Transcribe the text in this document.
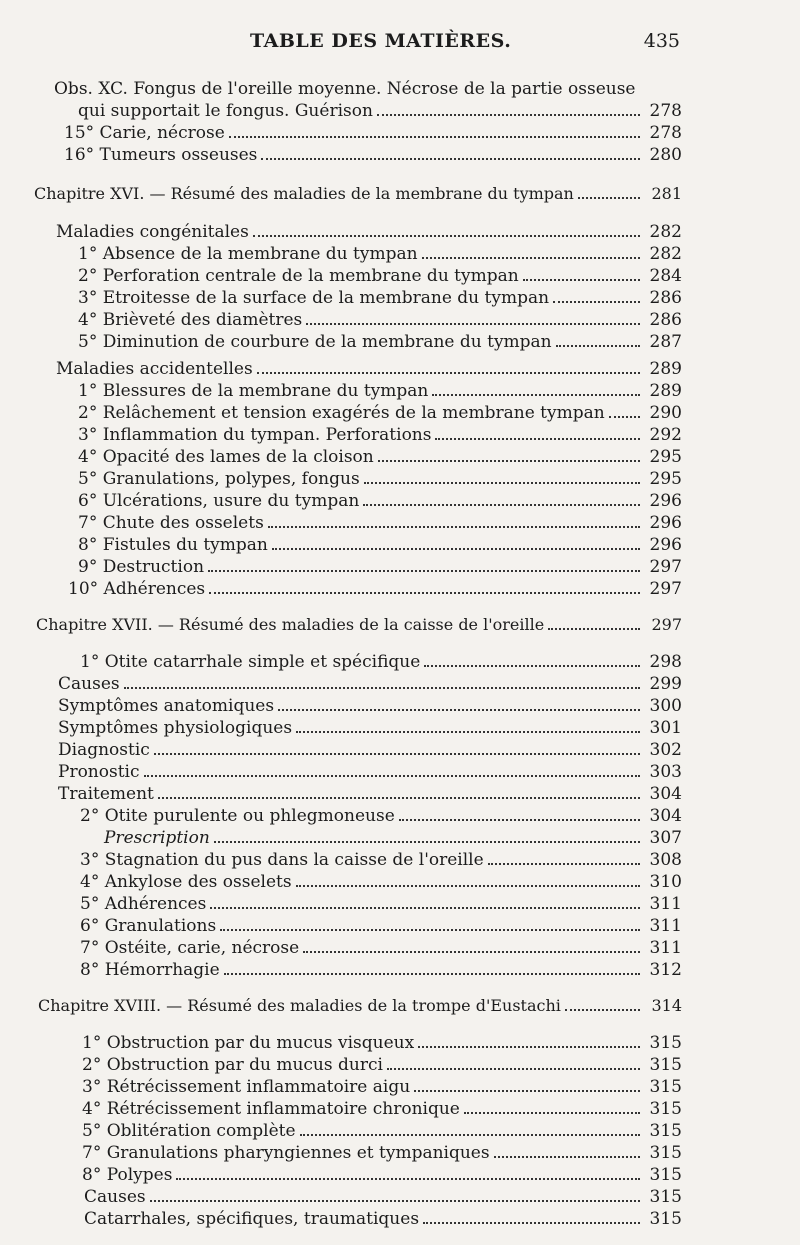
TABLE DES MATIÈRES.	435
Obs. XC. Fongus de l'oreille moyenne. Nécrose de la partie osseuse
qui supportait le fongus. Guérison	278
15° Carie, nécrose	278
16° Tumeurs osseuses	280
Chapitre XVI. — Résumé des maladies de la membrane du tympan	281
Maladies congénitales	282
1° Absence de la membrane du tympan	282
2° Perforation centrale de la membrane du tympan	284
3° Etroitesse de la surface de la membrane du tympan	286
4° Brièveté des diamètres	286
5° Diminution de courbure de la membrane du tympan	287
Maladies accidentelles	289
1° Blessures de la membrane du tympan	289
2° Relâchement et tension exagérés de la membrane tympan	290
3° Inflammation du tympan. Perforations	292
4° Opacité des lames de la cloison	295
5° Granulations, polypes, fongus	295
6° Ulcérations, usure du tympan	296
7° Chute des osselets	296
8° Fistules du tympan	296
9° Destruction	297
10° Adhérences	297
Chapitre XVII. — Résumé des maladies de la caisse de l'oreille	297
1° Otite catarrhale simple et spécifique	298
Causes	299
Symptômes anatomiques	300
Symptômes physiologiques	301
Diagnostic	302
Pronostic	303
Traitement	304
2° Otite purulente ou phlegmoneuse	304
Prescription	307
3° Stagnation du pus dans la caisse de l'oreille	308
4° Ankylose des osselets	310
5° Adhérences	311
6° Granulations	311
7° Ostéite, carie, nécrose	311
8° Hémorrhagie	312
Chapitre XVIII. — Résumé des maladies de la trompe d'Eustachi	314
1° Obstruction par du mucus visqueux	315
2° Obstruction par du mucus durci	315
3° Rétrécissement inflammatoire aigu	315
4° Rétrécissement inflammatoire chronique	315
5° Oblitération complète	315
7° Granulations pharyngiennes et tympaniques	315
8° Polypes	315
Causes	315
Catarrhales, spécifiques, traumatiques	315
